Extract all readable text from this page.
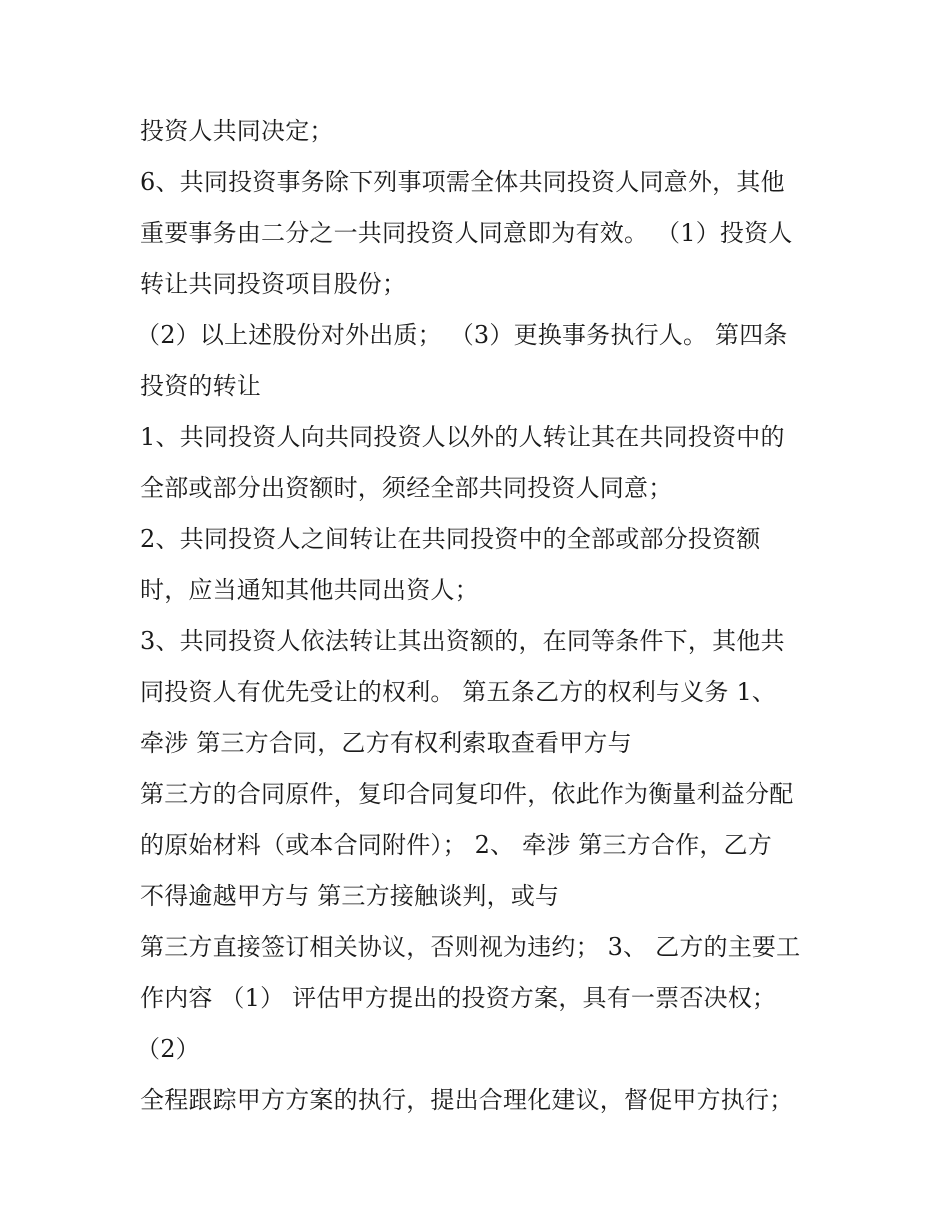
投资人共同决定；
6、共同投资事务除下列事项需全体共同投资人同意外，其他
重要事务由二分之一共同投资人同意即为有效。 （1）投资人
转让共同投资项目股份；
（2）以上述股份对外出质； （3）更换事务执行人。 第四条
投资的转让
1、共同投资人向共同投资人以外的人转让其在共同投资中的
全部或部分出资额时，须经全部共同投资人同意；
2、共同投资人之间转让在共同投资中的全部或部分投资额
时，应当通知其他共同出资人；
3、共同投资人依法转让其出资额的，在同等条件下，其他共
同投资人有优先受让的权利。 第五条乙方的权利与义务 1、
牵涉 第三方合同，乙方有权利索取查看甲方与
第三方的合同原件，复印合同复印件，依此作为衡量利益分配
的原始材料（或本合同附件）； 2、 牵涉 第三方合作，乙方
不得逾越甲方与 第三方接触谈判，或与
第三方直接签订相关协议，否则视为违约； 3、 乙方的主要工
作内容 （1） 评估甲方提出的投资方案，具有一票否决权；
（2）
全程跟踪甲方方案的执行，提出合理化建议，督促甲方执行；
